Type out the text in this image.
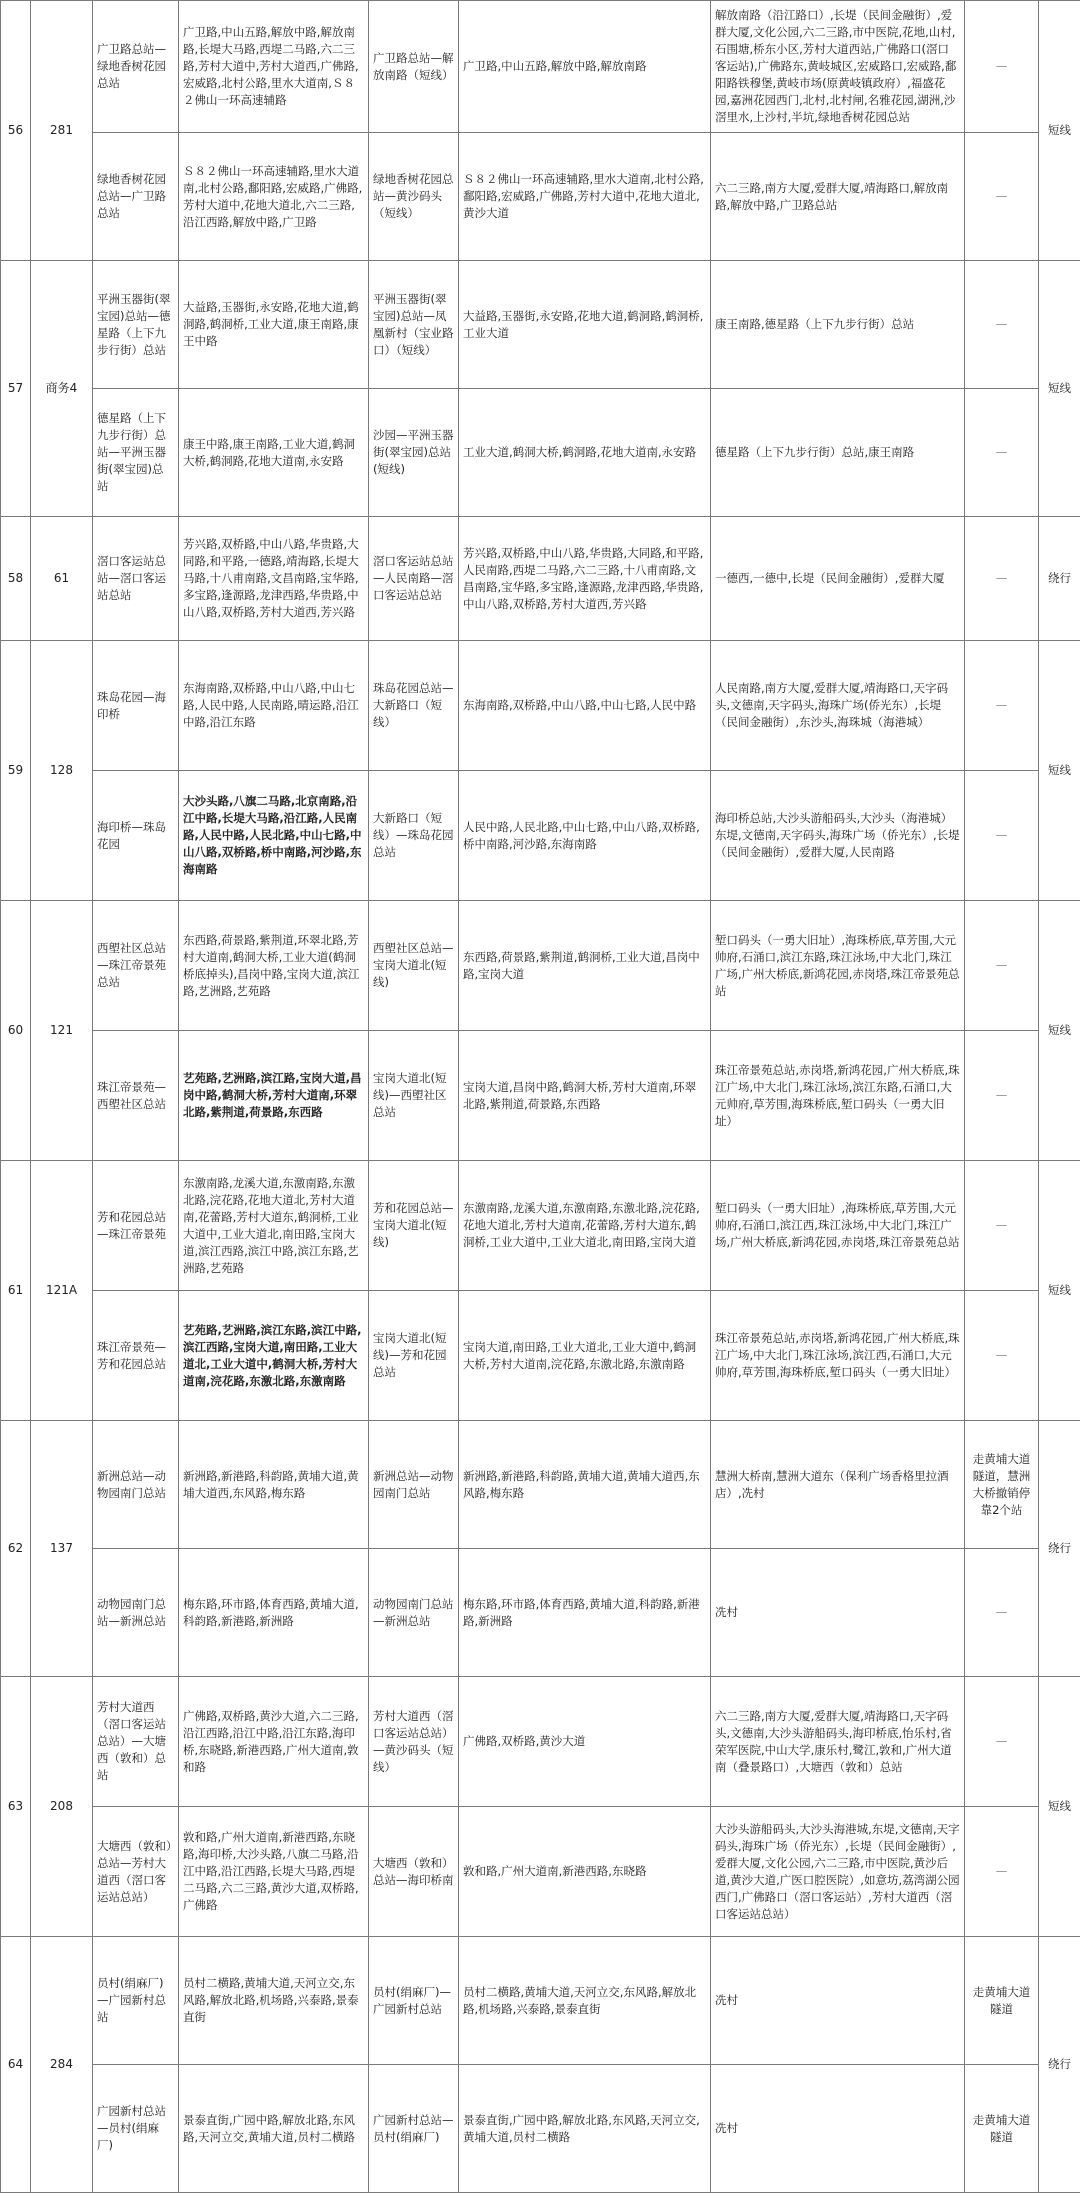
56	281	广卫路总站—绿地香树花园总站	广卫路,中山五路,解放中路,解放南路,长堤大马路,西堤二马路,六二三路,芳村大道中,芳村大道西,广佛路,宏威路,北村公路,里水大道南,Ｓ８２佛山一环高速辅路	广卫路总站—解放南路（短线）	广卫路,中山五路,解放中路,解放南路	解放南路（沿江路口）,长堤（民间金融街）,爱群大厦,文化公园,六二三路,市中医院,花地,山村,石围塘,桥东小区,芳村大道西站,广佛路口(滘口客运站),广佛路东,黄岐城区,宏威路口,宏威路,鄱阳路铁穆堡,黄岐市场(原黄岐镇政府）,福盛花园,嘉洲花园西门,北村,北村闸,名雅花园,湖洲,沙滘里水,上沙村,半坑,绿地香树花园总站	—	短线
		绿地香树花园总站—广卫路总站	Ｓ８２佛山一环高速辅路,里水大道南,北村公路,鄱阳路,宏威路,广佛路,芳村大道中,花地大道北,六二三路,沿江西路,解放中路,广卫路	绿地香树花园总站—黄沙码头（短线）	Ｓ８２佛山一环高速辅路,里水大道南,北村公路,鄱阳路,宏威路,广佛路,芳村大道中,花地大道北,黄沙大道	六二三路,南方大厦,爱群大厦,靖海路口,解放南路,解放中路,广卫路总站	—	
57	商务4	平洲玉器街(翠宝园)总站—德星路（上下九步行街）总站	大益路,玉器街,永安路,花地大道,鹤洞路,鹤洞桥,工业大道,康王南路,康王中路	平洲玉器街(翠宝园)总站—凤凰新村（宝业路口）（短线）	大益路,玉器街,永安路,花地大道,鹤洞路,鹤洞桥,工业大道	康王南路,德星路（上下九步行街）总站	—	短线
		德星路（上下九步行街）总站—平洲玉器街(翠宝园)总站	康王中路,康王南路,工业大道,鹤洞大桥,鹤洞路,花地大道南,永安路	沙园—平洲玉器街(翠宝园)总站(短线)	工业大道,鹤洞大桥,鹤洞路,花地大道南,永安路	德星路（上下九步行街）总站,康王南路	—	
58	61	滘口客运站总站—滘口客运站总站	芳兴路,双桥路,中山八路,华贵路,大同路,和平路,一德路,靖海路,长堤大马路,十八甫南路,文昌南路,宝华路,多宝路,逢源路,龙津西路,华贵路,中山八路,双桥路,芳村大道西,芳兴路	滘口客运站总站—人民南路—滘口客运站总站	芳兴路,双桥路,中山八路,华贵路,大同路,和平路,人民南路,西堤二马路,六二三路,十八甫南路,文昌南路,宝华路,多宝路,逢源路,龙津西路,华贵路,中山八路,双桥路,芳村大道西,芳兴路	一德西,一德中,长堤（民间金融街）,爱群大厦	—	绕行
59	128	珠岛花园—海印桥	东海南路,双桥路,中山八路,中山七路,人民中路,人民南路,晴运路,沿江中路,沿江东路	珠岛花园总站—大新路口（短线）	东海南路,双桥路,中山八路,中山七路,人民中路	人民南路,南方大厦,爱群大厦,靖海路口,天字码头,文德南,天字码头,海珠广场(侨光东）,长堤（民间金融街）,东沙头,海珠城（海港城）	—	短线
		海印桥—珠岛花园	大沙头路,八旗二马路,北京南路,沿江中路,长堤大马路,沿江路,人民南路,人民中路,人民北路,中山七路,中山八路,双桥路,桥中南路,河沙路,东海南路	大新路口（短线）—珠岛花园总站	人民中路,人民北路,中山七路,中山八路,双桥路,桥中南路,河沙路,东海南路	海印桥总站,大沙头游船码头,大沙头（海港城）东堤,文德南,天字码头,海珠广场（侨光东）,长堤（民间金融街）,爱群大厦,人民南路	—	
60	121	西塱社区总站—珠江帝景苑总站	东西路,荷景路,紫荆道,环翠北路,芳村大道南,鹤洞大桥,工业大道(鹤洞桥底掉头),昌岗中路,宝岗大道,滨江路,艺洲路,艺苑路	西塱社区总站—宝岗大道北(短线)	东西路,荷景路,紫荆道,鹤洞桥,工业大道,昌岗中路,宝岗大道	堑口码头（一勇大旧址）,海珠桥底,草芳围,大元帅府,石涌口,滨江东路,珠江泳场,中大北门,珠江广场,广州大桥底,新鸿花园,赤岗塔,珠江帝景苑总站	—	短线
		珠江帝景苑—西塱社区总站	艺苑路,艺洲路,滨江路,宝岗大道,昌岗中路,鹤洞大桥,芳村大道南,环翠北路,紫荆道,荷景路,东西路	宝岗大道北(短线)—西塱社区总站	宝岗大道,昌岗中路,鹤洞大桥,芳村大道南,环翠北路,紫荆道,荷景路,东西路	珠江帝景苑总站,赤岗塔,新鸿花园,广州大桥底,珠江广场,中大北门,珠江泳场,滨江东路,石涌口,大元帅府,草芳围,海珠桥底,堑口码头（一勇大旧址）	—	
61	121A	芳和花园总站—珠江帝景苑	东激南路,龙溪大道,东激南路,东激北路,浣花路,花地大道北,芳村大道南,花蕾路,芳村大道东,鹤洞桥,工业大道中,工业大道北,南田路,宝岗大道,滨江西路,滨江中路,滨江东路,艺洲路,艺苑路	芳和花园总站—宝岗大道北(短线)	东激南路,龙溪大道,东激南路,东激北路,浣花路,花地大道北,芳村大道南,花蕾路,芳村大道东,鹤洞桥,工业大道中,工业大道北,南田路,宝岗大道	堑口码头（一勇大旧址）,海珠桥底,草芳围,大元帅府,石涌口,滨江西,珠江泳场,中大北门,珠江广场,广州大桥底,新鸿花园,赤岗塔,珠江帝景苑总站	—	短线
		珠江帝景苑—芳和花园总站	艺苑路,艺洲路,滨江东路,滨江中路,滨江西路,宝岗大道,南田路,工业大道北,工业大道中,鹤洞大桥,芳村大道南,浣花路,东激北路,东激南路	宝岗大道北(短线)—芳和花园总站	宝岗大道,南田路,工业大道北,工业大道中,鹤洞大桥,芳村大道南,浣花路,东激北路,东激南路	珠江帝景苑总站,赤岗塔,新鸿花园,广州大桥底,珠江广场,中大北门,珠江泳场,滨江西,石涌口,大元帅府,草芳围,海珠桥底,堑口码头（一勇大旧址）	—	
62	137	新洲总站—动物园南门总站	新洲路,新港路,科韵路,黄埔大道,黄埔大道西,东风路,梅东路	新洲总站—动物园南门总站	新洲路,新港路,科韵路,黄埔大道,黄埔大道西,东风路,梅东路	慧洲大桥南,慧洲大道东（保利广场香格里拉酒店）,冼村	走黄埔大道隧道，慧洲大桥撤销停靠2个站	绕行
		动物园南门总站—新洲总站	梅东路,环市路,体育西路,黄埔大道,科韵路,新港路,新洲路	动物园南门总站—新洲总站	梅东路,环市路,体育西路,黄埔大道,科韵路,新港路,新洲路	冼村	—	
63	208	芳村大道西（滘口客运站总站）—大塘西（敦和）总站	广佛路,双桥路,黄沙大道,六二三路,沿江西路,沿江中路,沿江东路,海印桥,东晓路,新港西路,广州大道南,敦和路	芳村大道西（滘口客运站总站）—黄沙码头（短线）	广佛路,双桥路,黄沙大道	六二三路,南方大厦,爱群大厦,靖海路口,天字码头,文德南,大沙头游船码头,海印桥底,怡乐村,省荣军医院,中山大学,康乐村,鹭江,敦和,广州大道南（叠景路口）,大塘西（敦和）总站	—	短线
		大塘西（敦和）总站—芳村大道西（滘口客运站总站）	敦和路,广州大道南,新港西路,东晓路,海印桥,大沙头路,八旗二马路,沿江中路,沿江西路,长堤大马路,西堤二马路,六二三路,黄沙大道,双桥路,广佛路	大塘西（敦和）总站—海印桥南	敦和路,广州大道南,新港西路,东晓路	大沙头游船码头,大沙头海港城,东堤,文德南,天字码头,海珠广场（侨光东）,长堤（民间金融街）,爱群大厦,文化公园,六二三路,市中医院,黄沙后道,黄沙大道,广医口腔医院）,如意坊,荔湾湖公园西门,广佛路口（滘口客运站）,芳村大道西（滘口客运站总站）	—	
64	284	员村(绢麻厂)—广园新村总站	员村二横路,黄埔大道,天河立交,东风路,解放北路,机场路,兴泰路,景泰直街	员村(绢麻厂)—广园新村总站	员村二横路,黄埔大道,天河立交,东风路,解放北路,机场路,兴泰路,景泰直街	冼村	走黄埔大道隧道	绕行
		广园新村总站—员村(绢麻厂)	景泰直街,广园中路,解放北路,东风路,天河立交,黄埔大道,员村二横路	广园新村总站—员村(绢麻厂)	景泰直街,广园中路,解放北路,东风路,天河立交,黄埔大道,员村二横路	冼村	走黄埔大道隧道	
